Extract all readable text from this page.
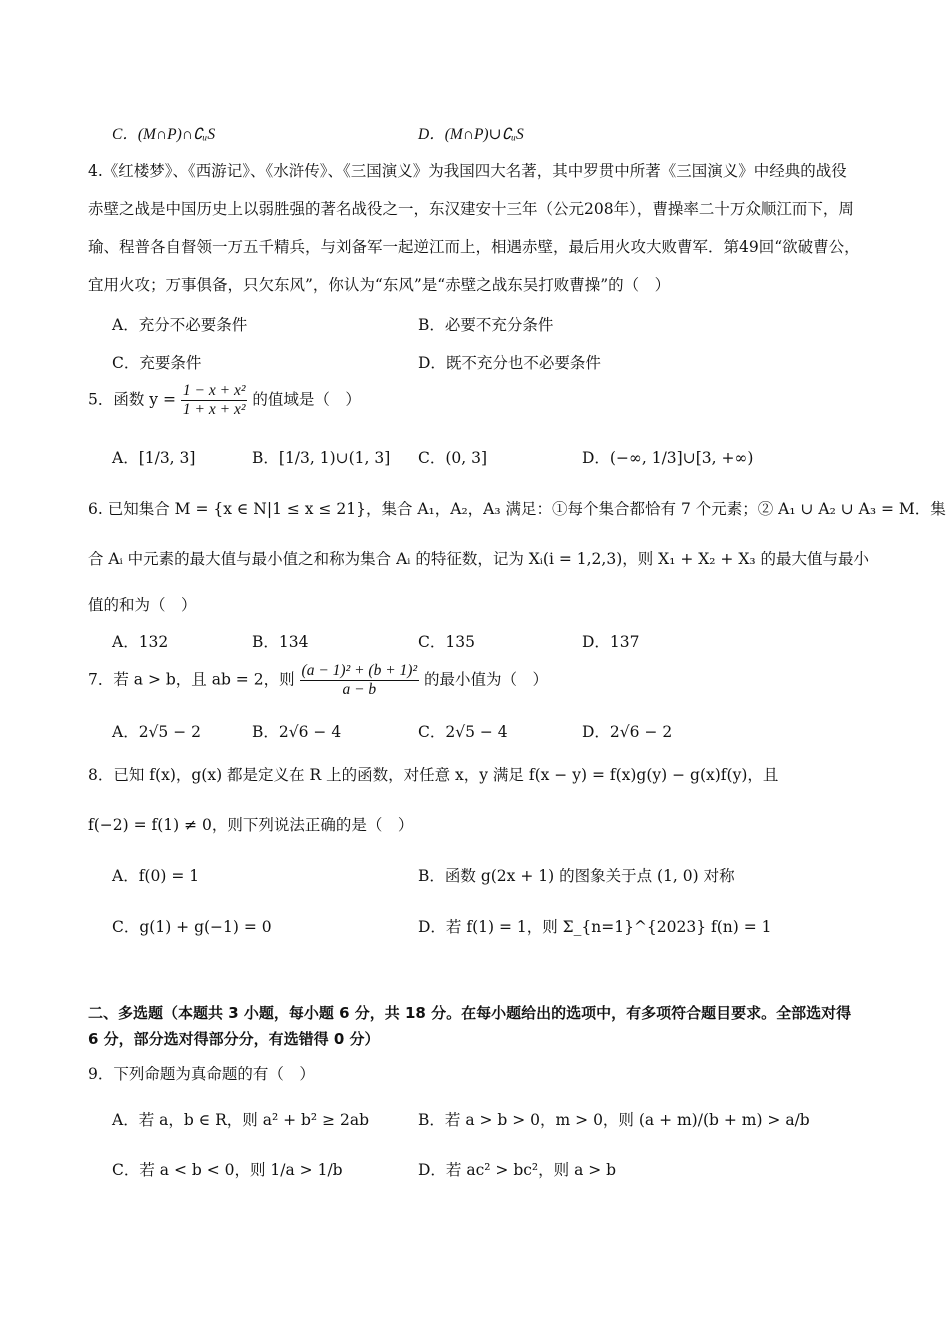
C．(M∩P)∩∁ᵤS	D．(M∩P)∪∁ᵤS
4.《红楼梦》、《西游记》、《水浒传》、《三国演义》为我国四大名著，其中罗贯中所著《三国演义》中经典的战役赤壁之战是中国历史上以弱胜强的著名战役之一，东汉建安十三年（公元208年），曹操率二十万众顺江而下，周瑜、程普各自督领一万五千精兵，与刘备军一起逆江而上，相遇赤壁，最后用火攻大败曹军．第49回“欲破曹公，宜用火攻；万事俱备，只欠东风”，你认为“东风”是“赤壁之战东吴打败曹操”的（　）
A．充分不必要条件	B．必要不充分条件
C．充要条件	D．既不充分也不必要条件
5．函数 $y = \frac{\text{1 − x + x²}}{\text{1 + x + x²}}$ 的值域是（　）
A．[1/3, 3]	B．[1/3, 1)∪(1, 3] C．(0, 3]	D．(−∞, 1/3]∪[3, +∞)
6. 已知集合 M = {x ∈ N|1 ≤ x ≤ 21}，集合 A₁，A₂，A₃ 满足：①每个集合都恰有 7 个元素；② A₁ ∪ A₂ ∪ A₃ = M．集
合 Aᵢ 中元素的最大值与最小值之和称为集合 Aᵢ 的特征数，记为 Xᵢ(i = 1,2,3)，则 X₁ + X₂ + X₃ 的最大值与最小
值的和为（　）
A．132	B．134	C．135	D．137
7．若 a > b，且 ab = 2，则 $\frac{\text{(a − 1)² + (b + 1)²}}{a - b}$ 的最小值为（　）
A．2√5 − 2	B．2√6 − 4	C．2√5 − 4	D．2√6 − 2
8．已知 f(x)，g(x) 都是定义在 R 上的函数，对任意 x，y 满足 f(x − y) = f(x)g(y) − g(x)f(y)，且
f(−2) = f(1) ≠ 0，则下列说法正确的是（　）
A．f(0) = 1	B．函数 g(2x + 1) 的图象关于点 (1, 0) 对称
C．g(1) + g(−1) = 0	D．若 f(1) = 1，则 Σ_{n=1}^{2023} f(n) = 1
二、多选题（本题共 3 小题，每小题 6 分，共 18 分。在每小题给出的选项中，有多项符合题目要求。全部选对得 6 分，部分选对得部分分，有选错得 0 分）
9．下列命题为真命题的有（　）
A．若 a，b ∈ R，则 a² + b² ≥ 2ab	B．若 a > b > 0，m > 0，则 (a + m)/(b + m) > a/b
C．若 a < b < 0，则 1/a > 1/b	D．若 ac² > bc²，则 a > b
